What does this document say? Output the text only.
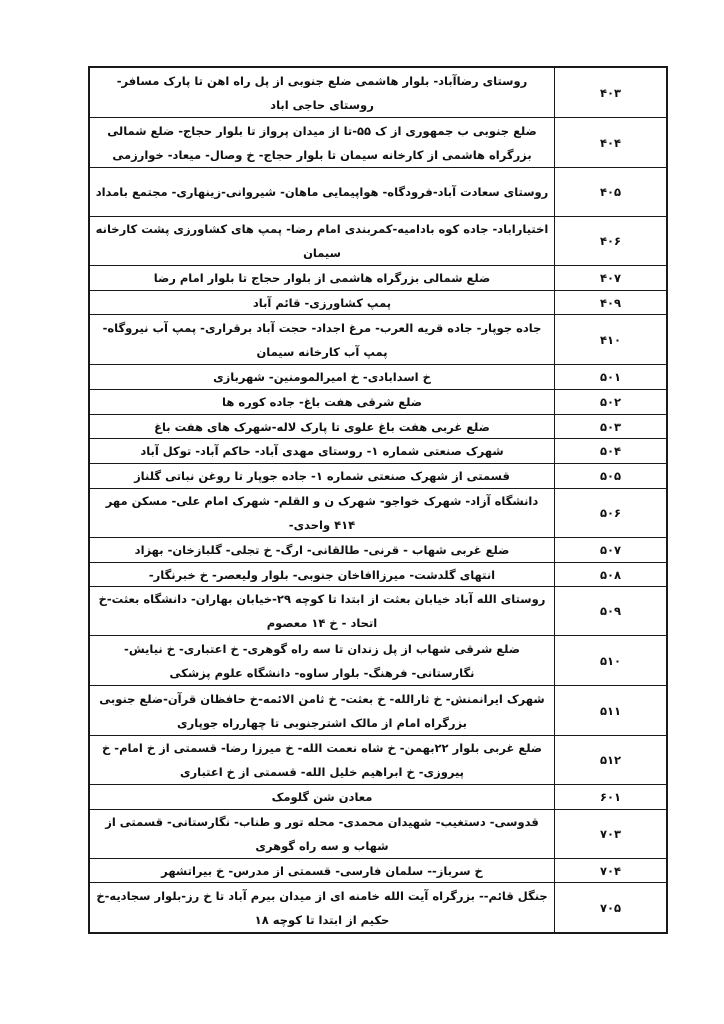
روستای رضاآباد- بلوار هاشمی ضلع جنوبی از پل راه اهن تا پارک مسافر- روستای حاجی اباد
۴۰۳
ضلع جنوبی ب جمهوری از ک ۵۵-تا از میدان پرواز تا بلوار حجاج- ضلع شمالی بزرگراه هاشمی از کارخانه سیمان تا بلوار حجاج- خ وصال- میعاد- خوارزمی
۴۰۴
روستای سعادت آباد-فرودگاه- هواپیمایی ماهان- شیروانی-زینهاری- مجتمع بامداد	۴۰۵
اختیاراباد- جاده کوه بادامیه-کمربندی امام رضا- پمپ های کشاورزی پشت کارخانه سیمان
۴۰۶
ضلع شمالی بزرگراه هاشمی از بلوار حجاج تا بلوار امام رضا	۴۰۷
پمپ کشاورزی- قائم آباد	۴۰۹
جاده جوپار- جاده قریه العرب- مرغ اجداد- حجت آباد برقراری- پمپ آب نیروگاه- پمپ آب کارخانه سیمان
۴۱۰
خ اسدابادی- خ امیرالمومنین- شهربازی	۵۰۱
ضلع شرقی هفت باغ- جاده کوره ها	۵۰۲
ضلع غربی هفت باغ علوی تا پارک لاله-شهرک های هفت باغ	۵۰۳
شهرک صنعتی شماره ۱- روستای مهدی آباد- حاکم آباد- توکل آباد	۵۰۴
قسمتی از شهرک صنعتی شماره ۱- جاده جوپار تا روغن نباتی گلناز	۵۰۵
دانشگاه آزاد- شهرک خواجو- شهرک ن و القلم- شهرک امام علی- مسکن مهر ۴۱۴ واحدی-
۵۰۶
ضلع غربی شهاب - قرنی- طالقانی- ارگ- خ تجلی- گلبازخان- بهزاد	۵۰۷
انتهای گلدشت- میرزاافاخان جنوبی- بلوار ولیعصر- خ خبرنگار-	۵۰۸
روستای الله آباد خیابان بعثت از ابتدا تا کوچه ۲۹-خیابان بهاران- دانشگاه بعثت-خ اتحاد - خ ۱۴ معصوم
۵۰۹
ضلع شرقی شهاب از پل زندان تا سه راه گوهری- خ اعتباری- خ نیایش- نگارستانی- فرهنگ- بلوار ساوه- دانشگاه علوم پزشکی
۵۱۰
شهرک ایرانمنش- خ ثارالله- خ بعثت- خ ثامن الائمه-خ حافظان قرآن-ضلع جنوبی بزرگراه امام از مالک اشترجنوبی تا چهارراه جوپاری
۵۱۱
ضلع غربی بلوار ۲۲بهمن- خ شاه نعمت الله- خ میرزا رضا- قسمتی از خ امام- خ پیروزی- خ ابراهیم خلیل الله- قسمتی از خ اعتباری
۵۱۲
معادن شن گلومک	۶۰۱
قدوسی- دستغیب- شهیدان محمدی- محله تور و طناب- نگارستانی- قسمتی از شهاب و سه راه گوهری
۷۰۳
خ سرباز-- سلمان فارسی- قسمتی از مدرس- خ بیراتشهر	۷۰۴
جنگل قائم-- بزرگراه آیت الله خامنه ای از میدان بیرم آباد تا خ رز-بلوار سجادیه-خ حکیم از ابتدا تا کوچه ۱۸
۷۰۵
